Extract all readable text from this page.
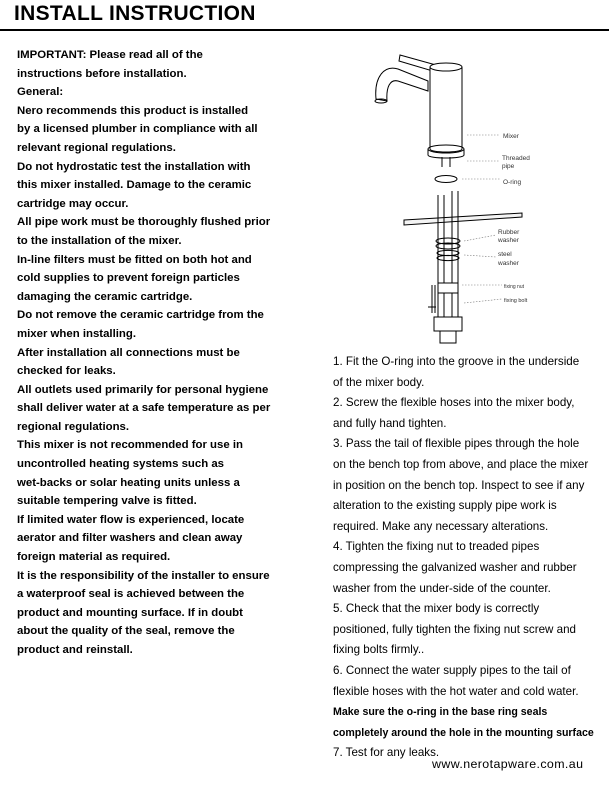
INSTALL INSTRUCTION
IMPORTANT: Please read all of the
instructions before installation.
General:
Nero recommends this product is installed
by a licensed plumber in compliance with all
relevant regional regulations.
Do not hydrostatic test the installation with
this mixer installed. Damage to the ceramic
cartridge may occur.
All pipe work must be thoroughly flushed prior
to the installation of the mixer.
In-line filters must be fitted on both hot and
cold supplies to prevent foreign particles
damaging the ceramic cartridge.
Do not remove the ceramic cartridge from the
mixer when installing.
After installation all connections must be
checked for leaks.
All outlets used primarily for personal hygiene
shall deliver water at a safe temperature as per
regional regulations.
This mixer is not recommended for use in
uncontrolled heating systems such as
wet-backs or solar heating units unless a
suitable tempering valve is fitted.
If limited water flow is experienced, locate
aerator and filter washers and clean away
foreign material as required.
It is the responsibility of the installer to ensure
a waterproof seal is achieved between the
product and mounting surface. If in doubt
about the quality of the seal, remove the
product and reinstall.
Mixer
Threaded
pipe
O-ring
Rubber
washer
steel
washer
fixing nut
fixing bolt
1. Fit the O-ring into the groove in the underside
of the mixer body.
2. Screw the flexible hoses into the mixer body,
and fully hand tighten.
3. Pass the tail of flexible pipes through the hole
on the bench top from above, and place the mixer
in position on the bench top. Inspect to see if any
alteration to the existing supply pipe work is
required. Make any necessary alterations.
4. Tighten the fixing nut to treaded pipes
compressing the galvanized washer and rubber
washer from the under-side of the counter.
5. Check that the mixer body is correctly
positioned, fully tighten the fixing nut screw and
fixing bolts firmly..
6. Connect the water supply pipes to the tail of
flexible hoses with the hot water and cold water.
Make sure the o-ring in the base ring seals
completely around the hole in the mounting surface
7. Test for any leaks.
www.nerotapware.com.au
